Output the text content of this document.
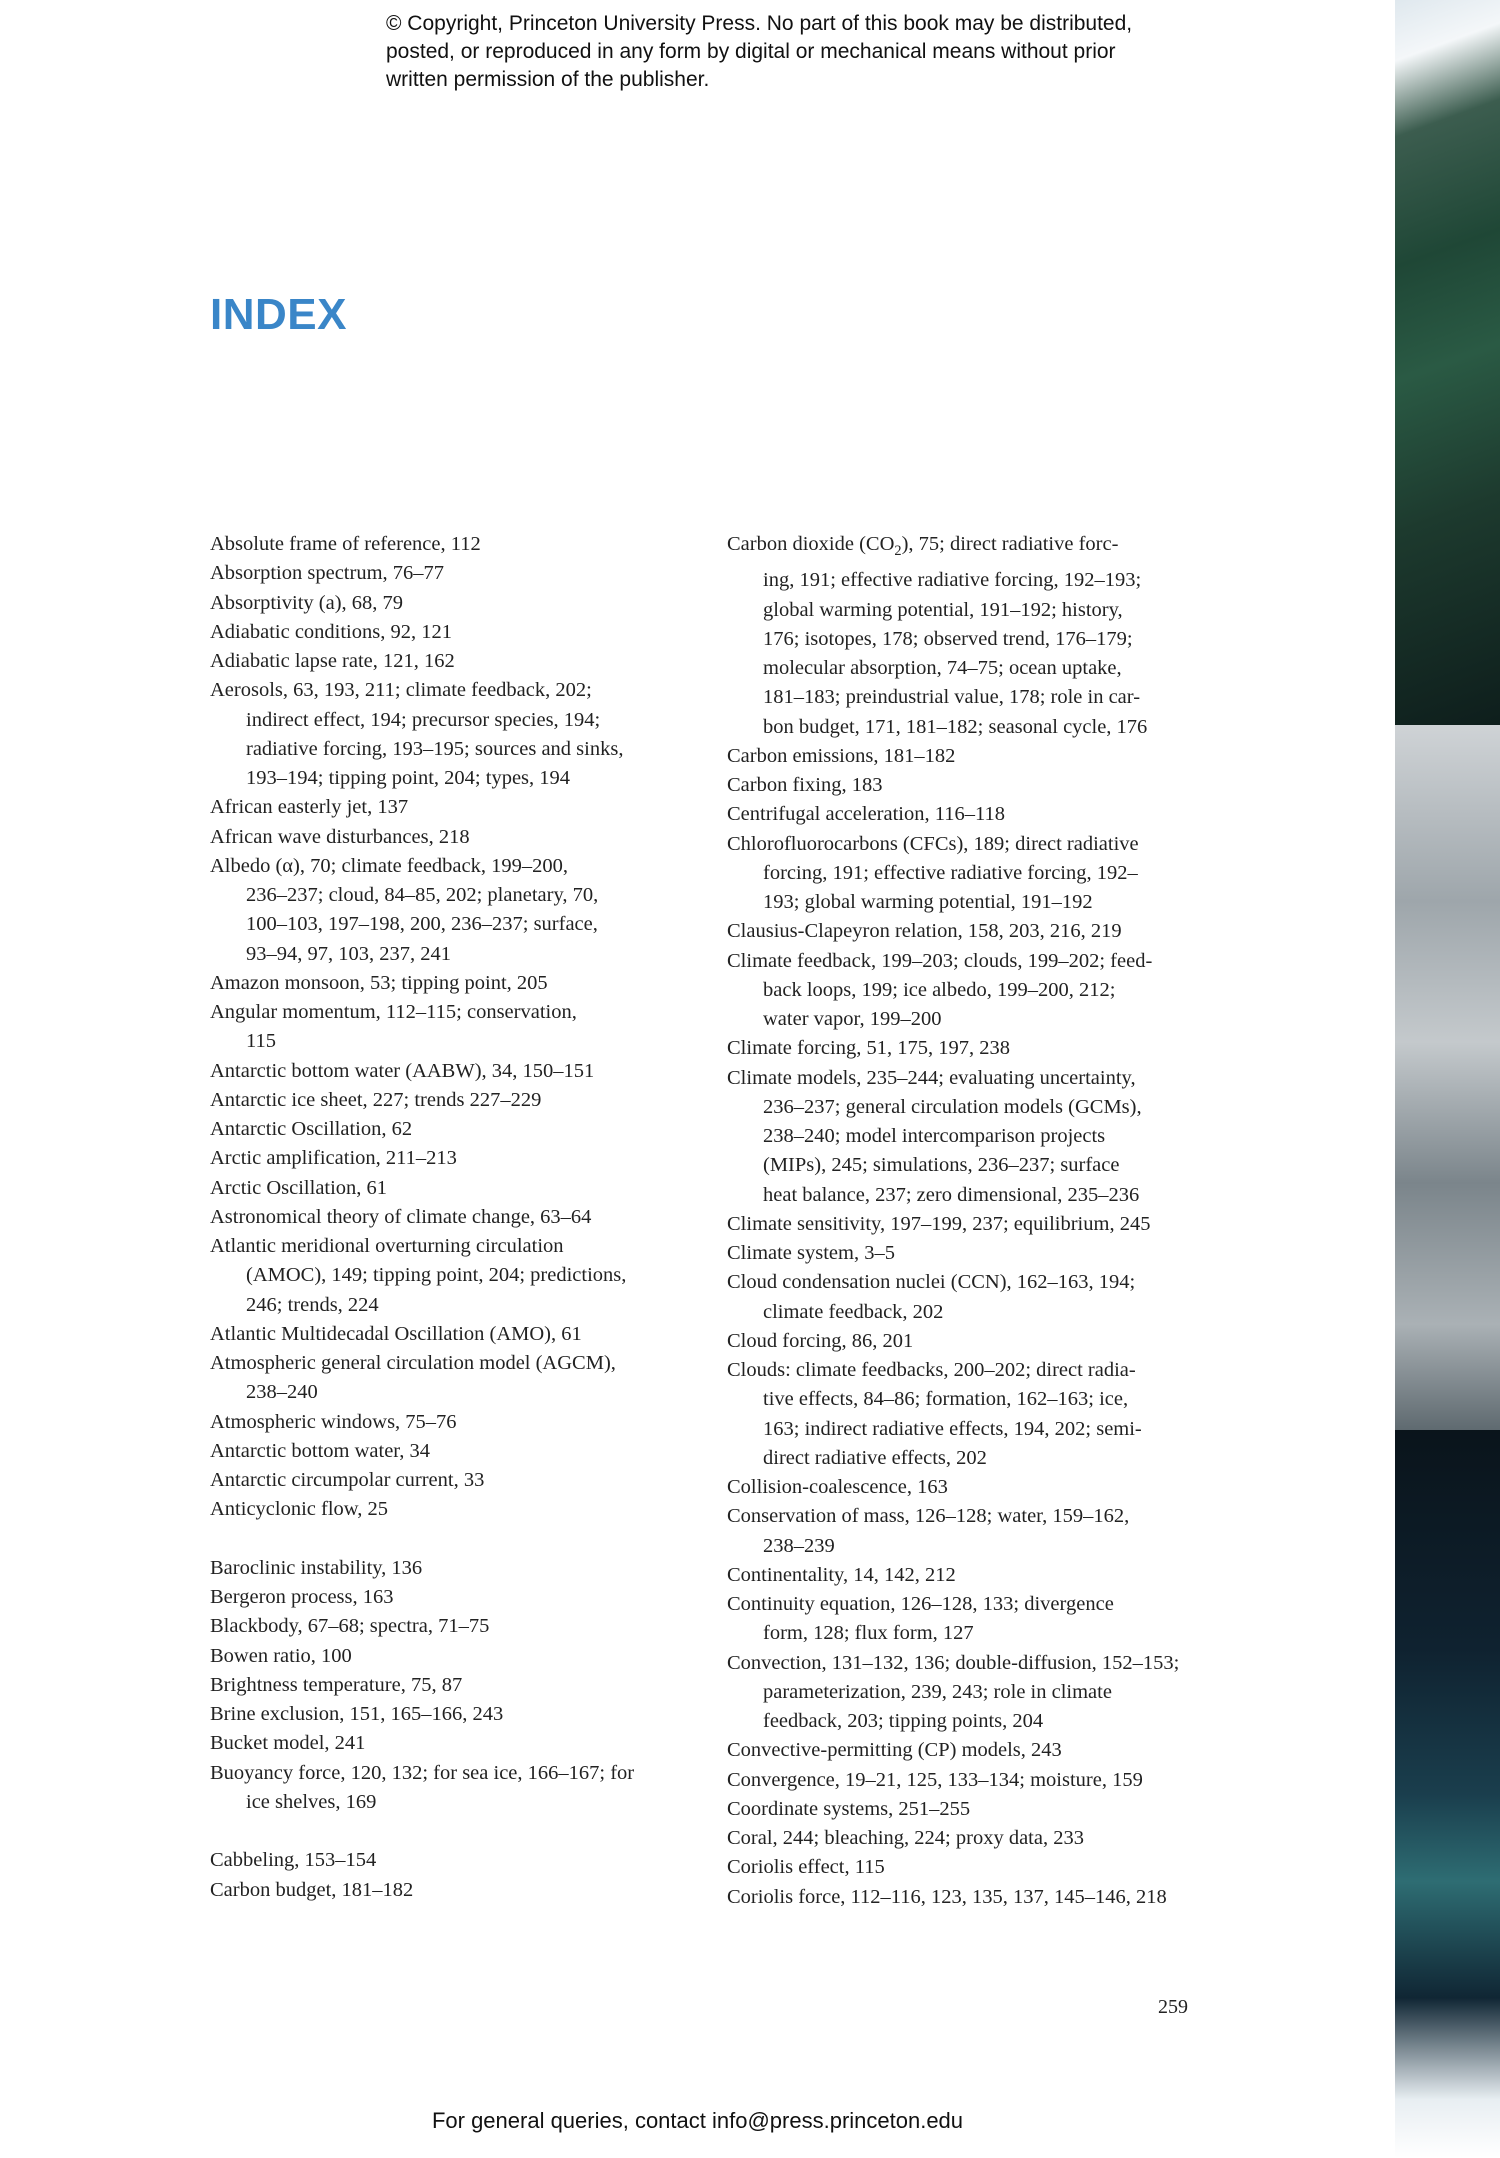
© Copyright, Princeton University Press. No part of this book may be distributed, posted, or reproduced in any form by digital or mechanical means without prior written permission of the publisher.
INDEX
Absolute frame of reference, 112
Absorption spectrum, 76–77
Absorptivity (a), 68, 79
Adiabatic conditions, 92, 121
Adiabatic lapse rate, 121, 162
Aerosols, 63, 193, 211; climate feedback, 202;
indirect effect, 194; precursor species, 194;
radiative forcing, 193–195; sources and sinks,
193–194; tipping point, 204; types, 194
African easterly jet, 137
African wave disturbances, 218
Albedo (α), 70; climate feedback, 199–200,
236–237; cloud, 84–85, 202; planetary, 70,
100–103, 197–198, 200, 236–237; surface,
93–94, 97, 103, 237, 241
Amazon monsoon, 53; tipping point, 205
Angular momentum, 112–115; conservation,
115
Antarctic bottom water (AABW), 34, 150–151
Antarctic ice sheet, 227; trends 227–229
Antarctic Oscillation, 62
Arctic amplification, 211–213
Arctic Oscillation, 61
Astronomical theory of climate change, 63–64
Atlantic meridional overturning circulation
(AMOC), 149; tipping point, 204; predictions,
246; trends, 224
Atlantic Multidecadal Oscillation (AMO), 61
Atmospheric general circulation model (AGCM),
238–240
Atmospheric windows, 75–76
Antarctic bottom water, 34
Antarctic circumpolar current, 33
Anticyclonic flow, 25
Baroclinic instability, 136
Bergeron process, 163
Blackbody, 67–68; spectra, 71–75
Bowen ratio, 100
Brightness temperature, 75, 87
Brine exclusion, 151, 165–166, 243
Bucket model, 241
Buoyancy force, 120, 132; for sea ice, 166–167; for
ice shelves, 169
Cabbeling, 153–154
Carbon budget, 181–182
Carbon dioxide $(CO_2)$, 75; direct radiative forc-
ing, 191; effective radiative forcing, 192–193;
global warming potential, 191–192; history,
176; isotopes, 178; observed trend, 176–179;
molecular absorption, 74–75; ocean uptake,
181–183; preindustrial value, 178; role in car-
bon budget, 171, 181–182; seasonal cycle, 176
Carbon emissions, 181–182
Carbon fixing, 183
Centrifugal acceleration, 116–118
Chlorofluorocarbons (CFCs), 189; direct radiative
forcing, 191; effective radiative forcing, 192–
193; global warming potential, 191–192
Clausius-Clapeyron relation, 158, 203, 216, 219
Climate feedback, 199–203; clouds, 199–202; feed-
back loops, 199; ice albedo, 199–200, 212;
water vapor, 199–200
Climate forcing, 51, 175, 197, 238
Climate models, 235–244; evaluating uncertainty,
236–237; general circulation models (GCMs),
238–240; model intercomparison projects
(MIPs), 245; simulations, 236–237; surface
heat balance, 237; zero dimensional, 235–236
Climate sensitivity, 197–199, 237; equilibrium, 245
Climate system, 3–5
Cloud condensation nuclei (CCN), 162–163, 194;
climate feedback, 202
Cloud forcing, 86, 201
Clouds: climate feedbacks, 200–202; direct radia-
tive effects, 84–86; formation, 162–163; ice,
163; indirect radiative effects, 194, 202; semi-
direct radiative effects, 202
Collision-coalescence, 163
Conservation of mass, 126–128; water, 159–162,
238–239
Continentality, 14, 142, 212
Continuity equation, 126–128, 133; divergence
form, 128; flux form, 127
Convection, 131–132, 136; double-diffusion, 152–153;
parameterization, 239, 243; role in climate
feedback, 203; tipping points, 204
Convective-permitting (CP) models, 243
Convergence, 19–21, 125, 133–134; moisture, 159
Coordinate systems, 251–255
Coral, 244; bleaching, 224; proxy data, 233
Coriolis effect, 115
Coriolis force, 112–116, 123, 135, 137, 145–146, 218
259
For general queries, contact info@press.princeton.edu
